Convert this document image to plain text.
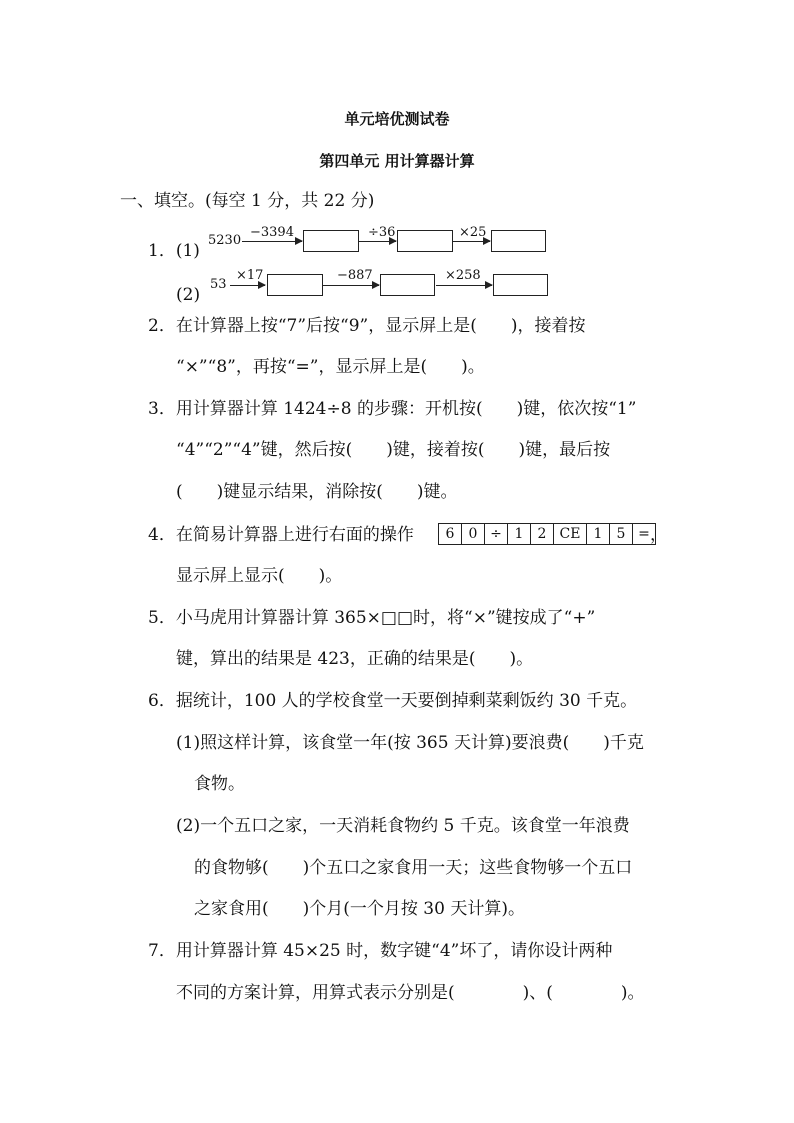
单元培优测试卷
第四单元 用计算器计算
一、填空。(每空 1 分，共 22 分)
1．(1)
5230
−3394	÷36	×25
(2)
53
×17	−887	×258
2．在计算器上按“7”后按“9”，显示屏上是(　　)，接着按
“×”“8”，再按“=”，显示屏上是(　　)。
3．用计算器计算 1424÷8 的步骤：开机按(　　)键，依次按“1”
“4”“2”“4”键，然后按(　　)键，接着按(　　)键，最后按
(　　)键显示结果，消除按(　　)键。
4．在简易计算器上进行右面的操作	6	0 ÷ 1	2 CE 1	5 = ，
显示屏上显示(　　)。
5．小马虎用计算器计算 365×□□时，将“×”键按成了“+”
键，算出的结果是 423，正确的结果是(　　)。
6．据统计，100 人的学校食堂一天要倒掉剩菜剩饭约 30 千克。
(1)照这样计算，该食堂一年(按 365 天计算)要浪费(　　)千克
食物。
(2)一个五口之家，一天消耗食物约 5 千克。该食堂一年浪费
的食物够(　　)个五口之家食用一天；这些食物够一个五口
之家食用(　　)个月(一个月按 30 天计算)。
7．用计算器计算 45×25 时，数字键“4”坏了，请你设计两种
不同的方案计算，用算式表示分别是(　　　　)、(　　　　)。
